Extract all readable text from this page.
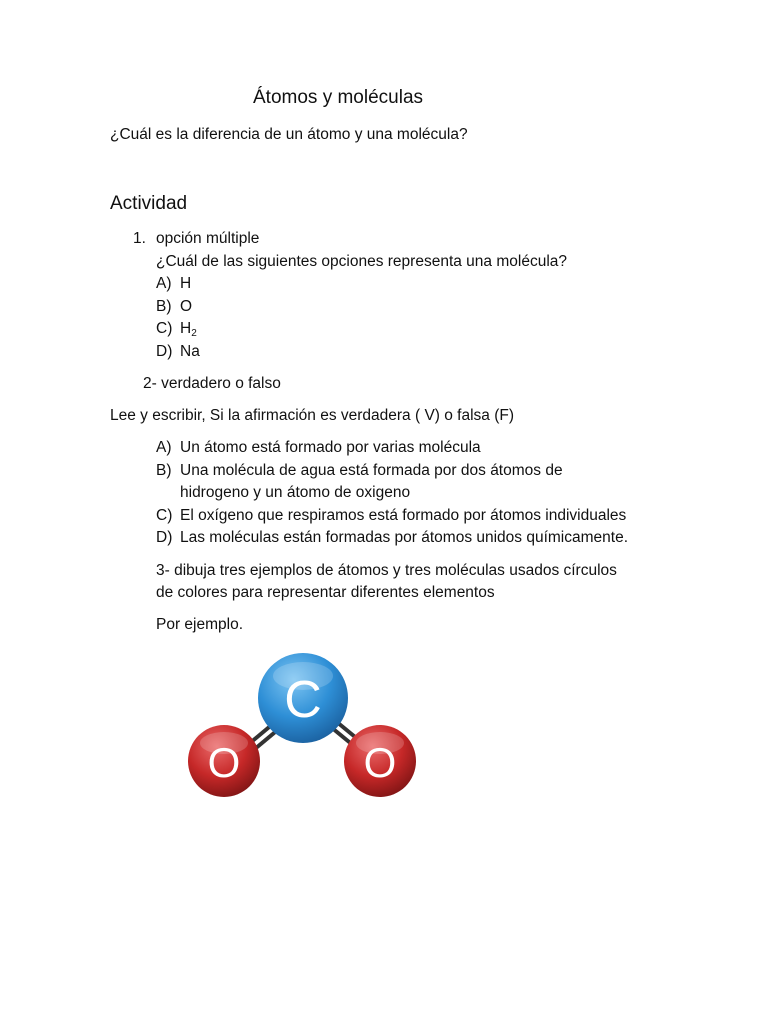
Átomos y moléculas
¿Cuál es la diferencia de un átomo y una molécula?
Actividad
1. opción múltiple
¿Cuál de las siguientes opciones representa una molécula?
A) H
B) O
C) $H_2$
D) Na
2- verdadero o falso
Lee y escribir, Si la afirmación es verdadera ( V) o falsa (F)
A) Un átomo está formado por varias molécula
B) Una molécula de agua está formada por dos átomos de
hidrogeno y un átomo de oxigeno
C) El oxígeno que respiramos está formado por átomos individuales
D) Las moléculas están formadas por átomos unidos químicamente.
3- dibuja tres ejemplos de átomos y tres moléculas usados círculos
de colores para representar diferentes elementos
Por ejemplo.
C
O	O
